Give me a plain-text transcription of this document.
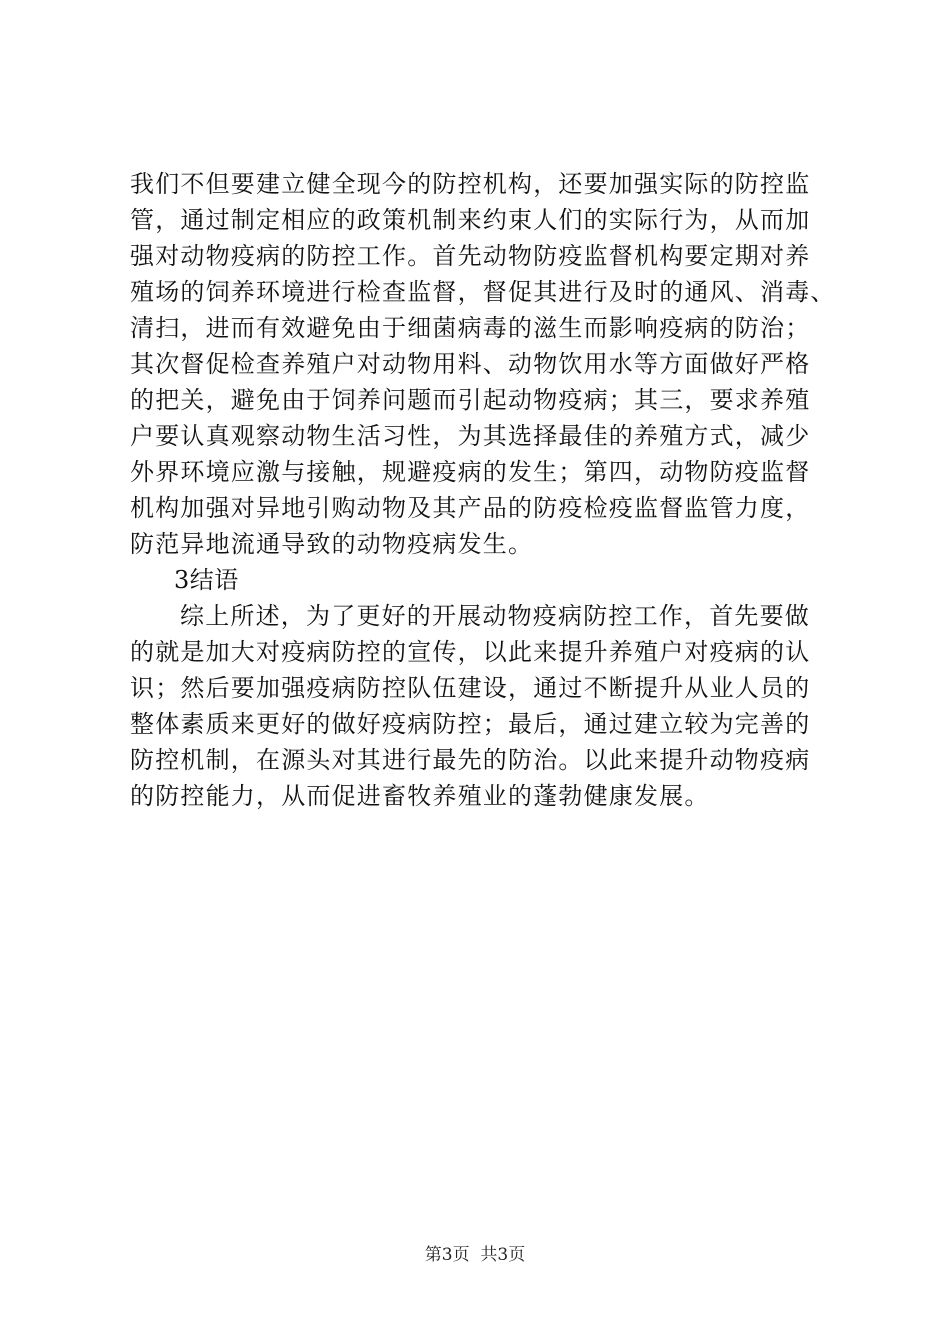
我们不但要建立健全现今的防控机构，还要加强实际的防控监
管，通过制定相应的政策机制来约束人们的实际行为，从而加
强对动物疫病的防控工作。首先动物防疫监督机构要定期对养
殖场的饲养环境进行检查监督，督促其进行及时的通风、消毒、
清扫，进而有效避免由于细菌病毒的滋生而影响疫病的防治；
其次督促检查养殖户对动物用料、动物饮用水等方面做好严格
的把关，避免由于饲养问题而引起动物疫病；其三，要求养殖
户要认真观察动物生活习性，为其选择最佳的养殖方式，减少
外界环境应激与接触，规避疫病的发生；第四，动物防疫监督
机构加强对异地引购动物及其产品的防疫检疫监督监管力度，
防范异地流通导致的动物疫病发生。
3结语
综上所述，为了更好的开展动物疫病防控工作，首先要做
的就是加大对疫病防控的宣传，以此来提升养殖户对疫病的认
识；然后要加强疫病防控队伍建设，通过不断提升从业人员的
整体素质来更好的做好疫病防控；最后，通过建立较为完善的
防控机制，在源头对其进行最先的防治。以此来提升动物疫病
的防控能力，从而促进畜牧养殖业的蓬勃健康发展。
第3页  共3页
